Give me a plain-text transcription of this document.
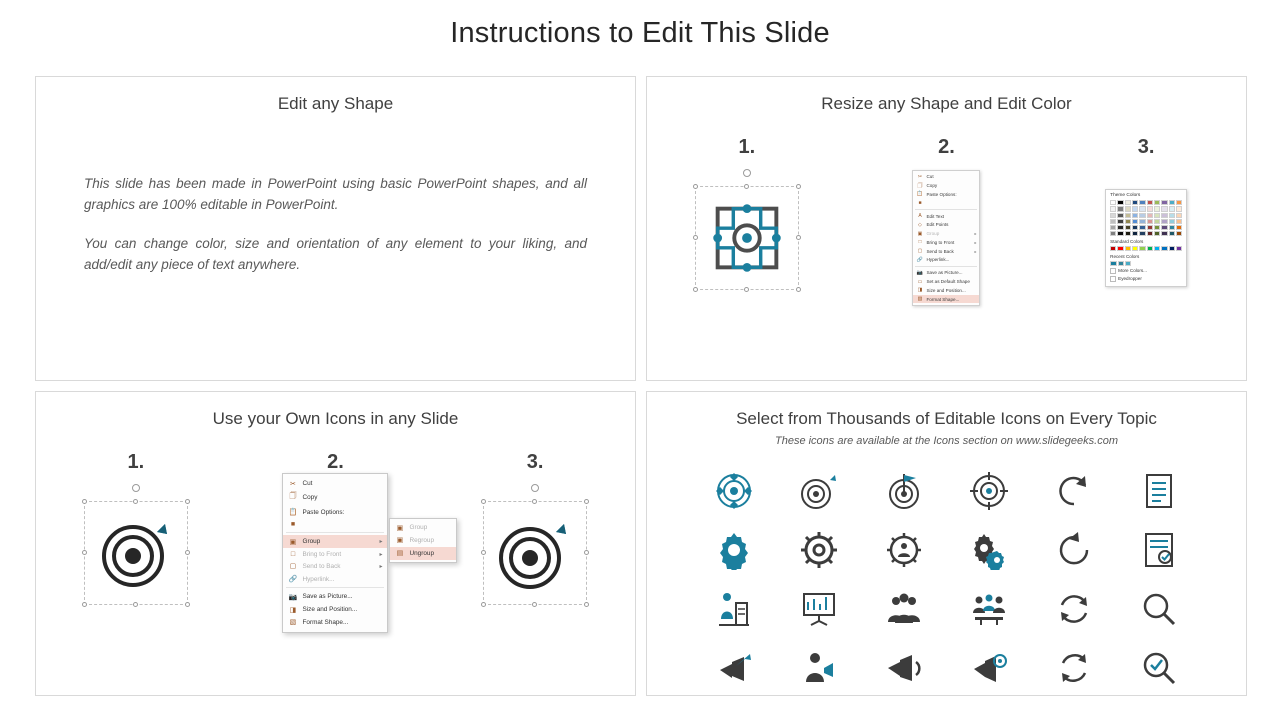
Instructions to Edit This Slide
Edit any Shape
This slide has been made in PowerPoint using basic PowerPoint shapes, and all graphics are 100% editable in PowerPoint.
You can change color, size and orientation of any element to your liking, and add/edit any piece of text anywhere.
Resize any Shape and Edit Color
1.	2.
✂ Cut
🗍 Copy
📋 Paste Options:
■
A	Edit Text
◇ Edit Points
▣ Group	▸
□	Bring to Front	▸
▢ Send to Back	▸
🔗 Hyperlink...
📷 Save as Picture...
▭ Set as Default Shape
◨ Size and Position...
▧ Format Shape...
3.
Theme Colors
Standard Colors
Recent Colors
More Colors...
Eyedropper
Use your Own Icons in any Slide
1.	2.
✂ Cut
🗍 Copy
📋 Paste Options:
■
▣ Group	▸
□	Bring to Front	▸
▢ Send to Back	▸
🔗 Hyperlink...
📷 Save as Picture...
◨ Size and Position...
▧ Format Shape...
▣ Group
▣ Regroup
▤ Ungroup
3.
Select from Thousands of Editable Icons on Every Topic
These icons are available at the Icons section on www.slidegeeks.com
